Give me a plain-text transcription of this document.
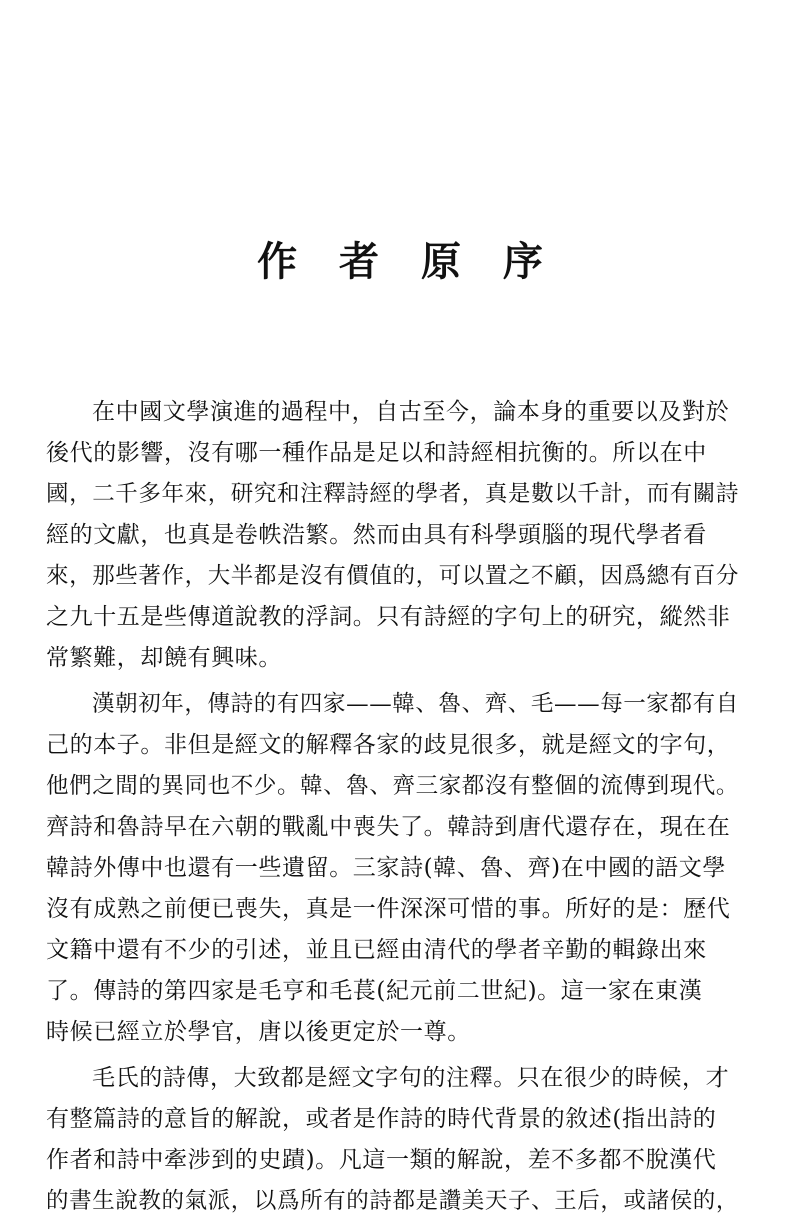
作 者 原 序
在中國文學演進的過程中，自古至今，論本身的重要以及對於
後代的影響，沒有哪一種作品是足以和詩經相抗衡的。所以在中
國，二千多年來，研究和注釋詩經的學者，真是數以千計，而有關詩
經的文獻，也真是卷帙浩繁。然而由具有科學頭腦的現代學者看
來，那些著作，大半都是沒有價值的，可以置之不顧，因爲總有百分
之九十五是些傳道說教的浮詞。只有詩經的字句上的研究，縱然非
常繁難，却饒有興味。
漢朝初年，傳詩的有四家——韓、魯、齊、毛——每一家都有自
己的本子。非但是經文的解釋各家的歧見很多，就是經文的字句，
他們之間的異同也不少。韓、魯、齊三家都沒有整個的流傳到現代。
齊詩和魯詩早在六朝的戰亂中喪失了。韓詩到唐代還存在，現在在
韓詩外傳中也還有一些遺留。三家詩(韓、魯、齊)在中國的語文學
沒有成熟之前便已喪失，真是一件深深可惜的事。所好的是：歷代
文籍中還有不少的引述，並且已經由清代的學者辛勤的輯錄出來
了。傳詩的第四家是毛亨和毛萇(紀元前二世紀)。這一家在東漢
時候已經立於學官，唐以後更定於一尊。
毛氏的詩傳，大致都是經文字句的注釋。只在很少的時候，才
有整篇詩的意旨的解說，或者是作詩的時代背景的敘述(指出詩的
作者和詩中牽涉到的史蹟)。凡這一類的解說，差不多都不脫漢代
的書生說教的氣派，以爲所有的詩都是讚美天子、王后，或諸侯的，
